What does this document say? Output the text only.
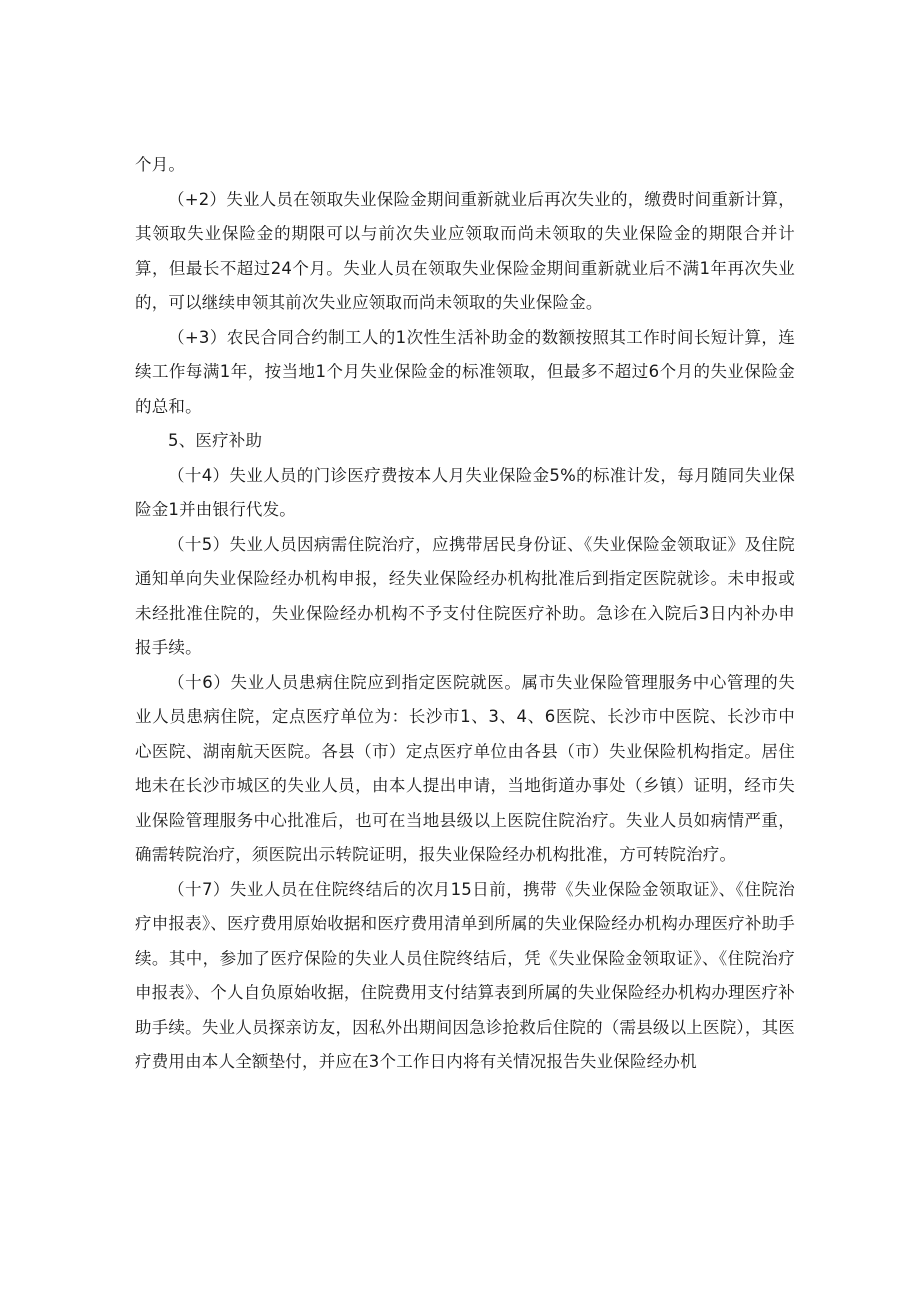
个月。

（+2）失业人员在领取失业保险金期间重新就业后再次失业的，缴费时间重新计算，其领取失业保险金的期限可以与前次失业应领取而尚未领取的失业保险金的期限合并计算，但最长不超过24个月。失业人员在领取失业保险金期间重新就业后不满1年再次失业的，可以继续申领其前次失业应领取而尚未领取的失业保险金。

（+3）农民合同合约制工人的1次性生活补助金的数额按照其工作时间长短计算，连续工作每满1年，按当地1个月失业保险金的标准领取，但最多不超过6个月的失业保险金的总和。

5、医疗补助

（十4）失业人员的门诊医疗费按本人月失业保险金5%的标准计发，每月随同失业保险金1并由银行代发。

（十5）失业人员因病需住院治疗，应携带居民身份证、《失业保险金领取证》及住院通知单向失业保险经办机构申报，经失业保险经办机构批准后到指定医院就诊。未申报或未经批准住院的，失业保险经办机构不予支付住院医疗补助。急诊在入院后3日内补办申报手续。

（十6）失业人员患病住院应到指定医院就医。属市失业保险管理服务中心管理的失业人员患病住院，定点医疗单位为：长沙市1、3、4、6医院、长沙市中医院、长沙市中心医院、湖南航天医院。各县（市）定点医疗单位由各县（市）失业保险机构指定。居住地未在长沙市城区的失业人员，由本人提出申请，当地街道办事处（乡镇）证明，经市失业保险管理服务中心批准后，也可在当地县级以上医院住院治疗。失业人员如病情严重，确需转院治疗，须医院出示转院证明，报失业保险经办机构批准，方可转院治疗。

（十7）失业人员在住院终结后的次月15日前，携带《失业保险金领取证》、《住院治疗申报表》、医疗费用原始收据和医疗费用清单到所属的失业保险经办机构办理医疗补助手续。其中，参加了医疗保险的失业人员住院终结后，凭《失业保险金领取证》、《住院治疗申报表》、个人自负原始收据，住院费用支付结算表到所属的失业保险经办机构办理医疗补助手续。失业人员探亲访友，因私外出期间因急诊抢救后住院的（需县级以上医院），其医疗费用由本人全额垫付，并应在3个工作日内将有关情况报告失业保险经办机
